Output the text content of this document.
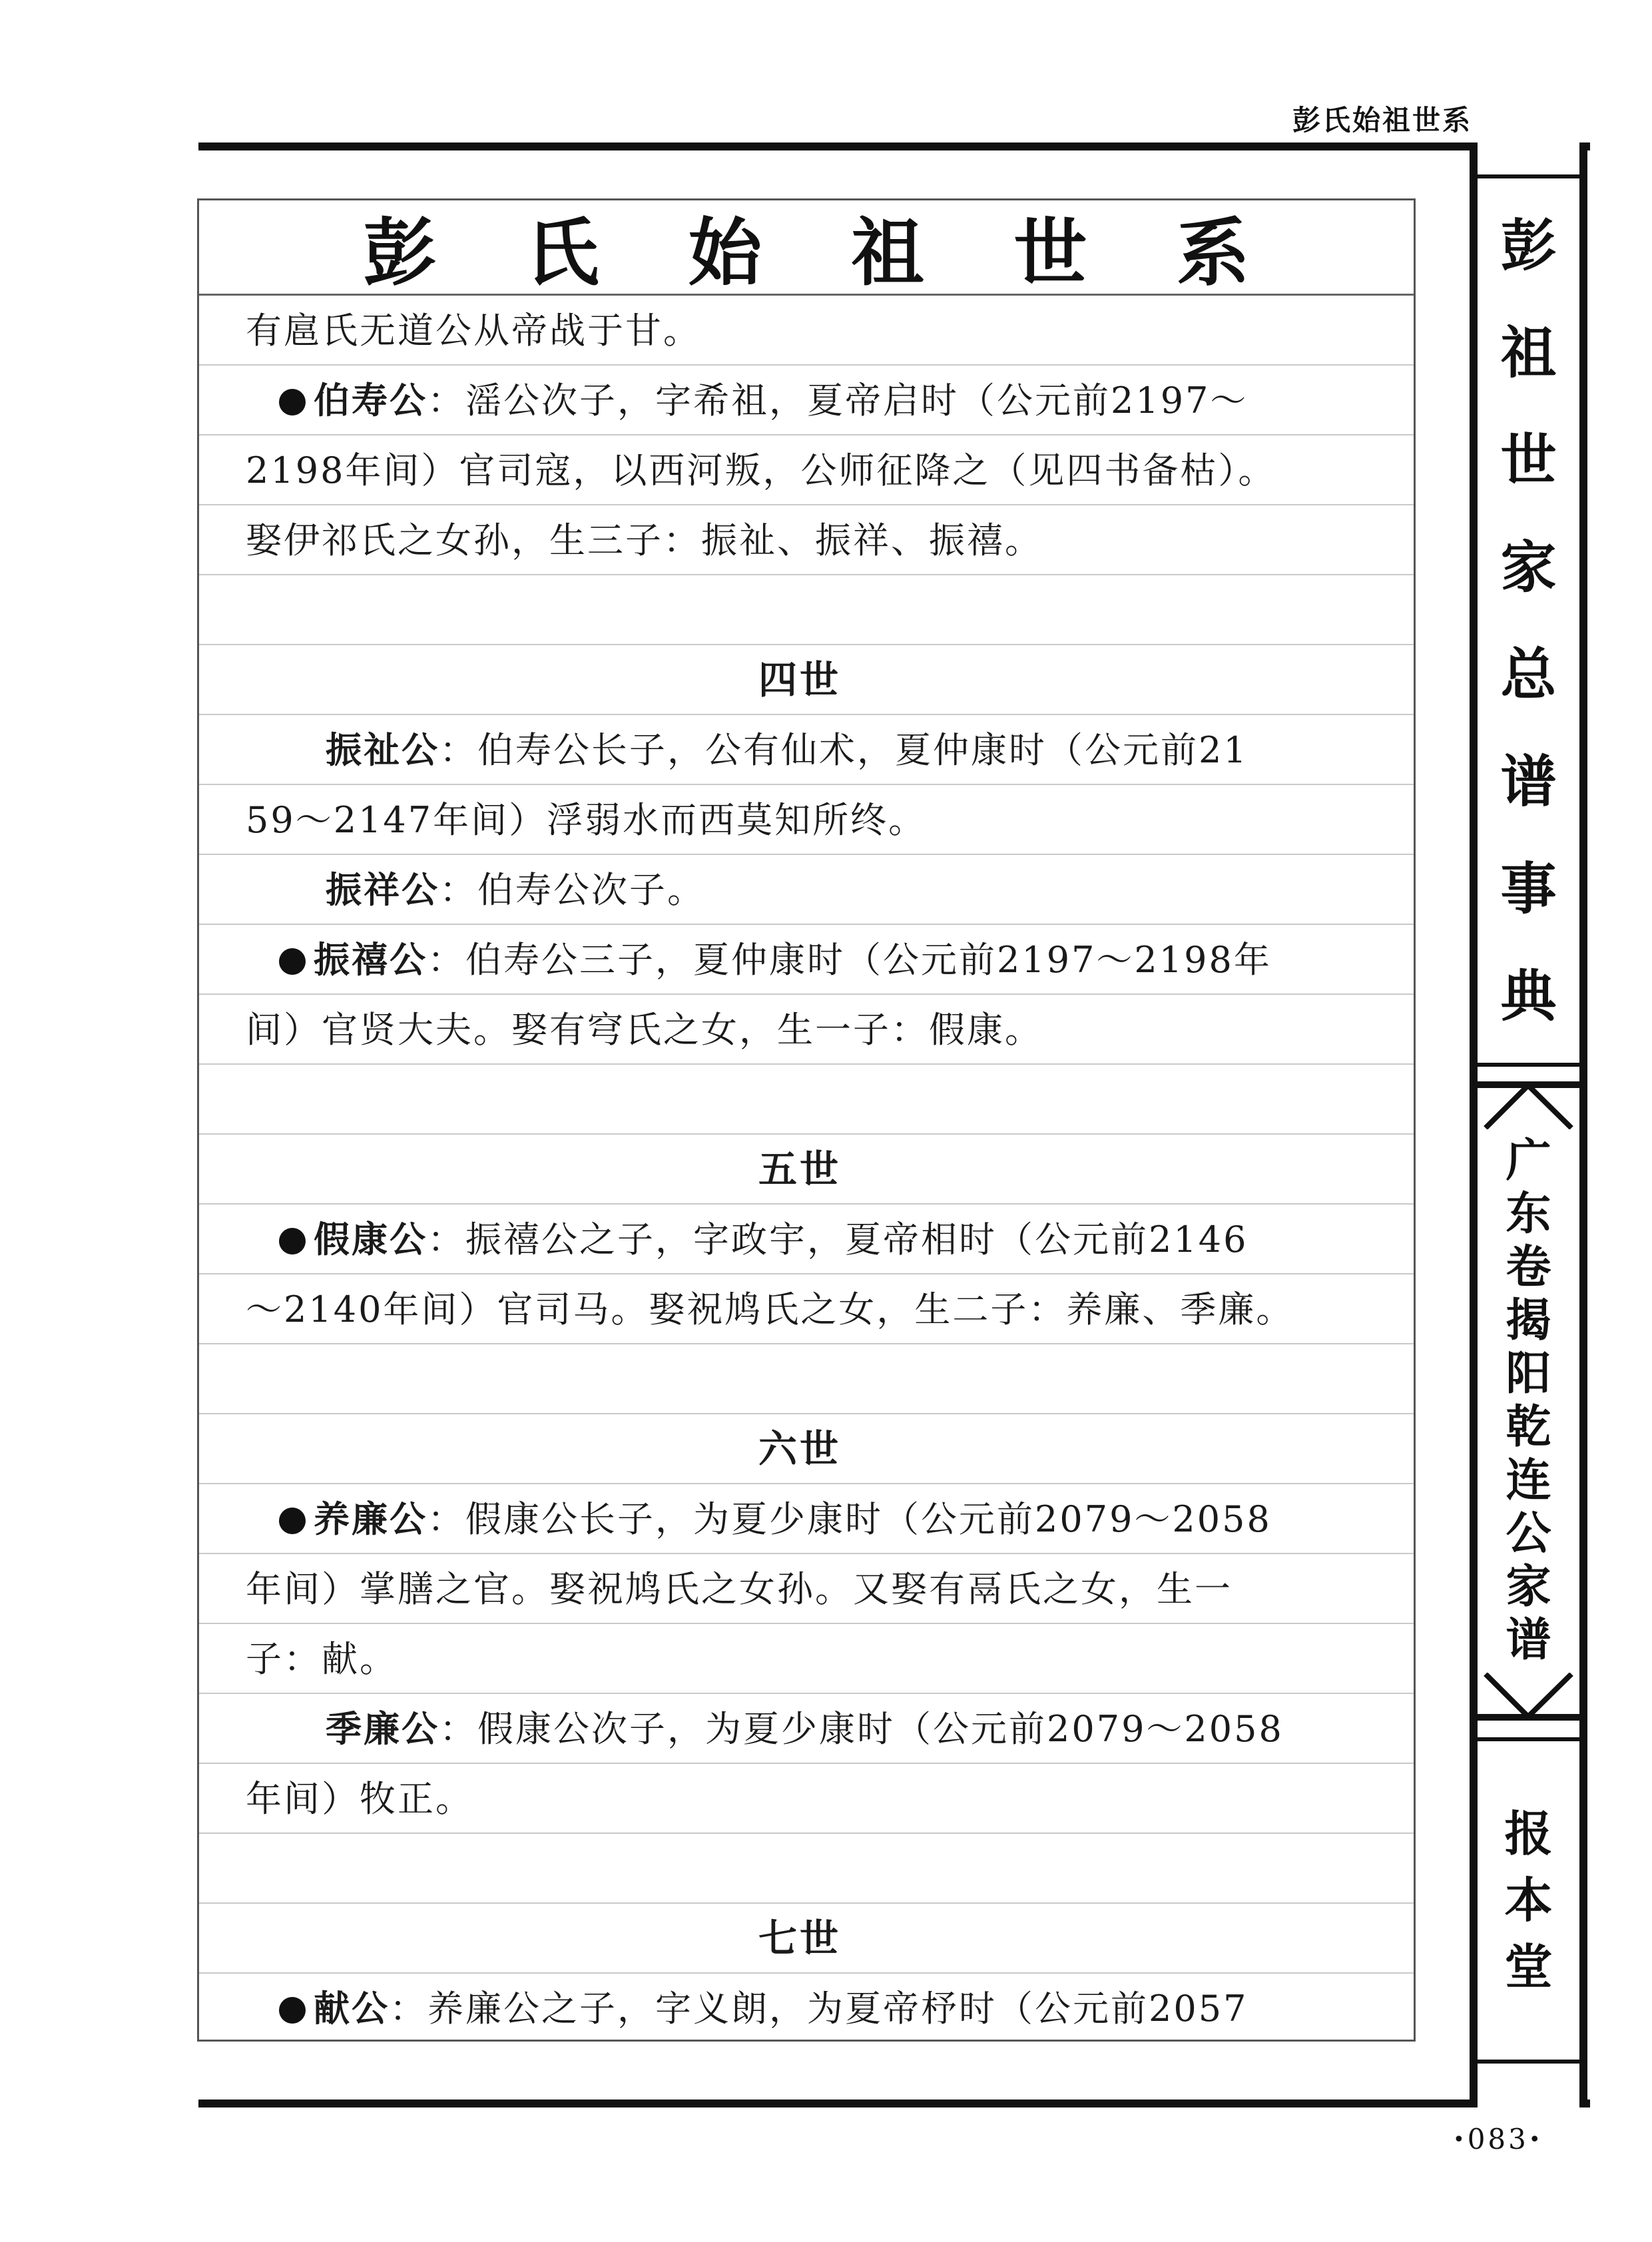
彭氏始祖世系
彭 氏 始 祖 世 系
有扈氏无道公从帝战于甘。
伯寿公：滛公次子，字希祖，夏帝启时（公元前2197～
2198年间）官司寇，以西河叛，公师征降之（见四书备枯）。
娶伊祁氏之女孙，生三子：振祉、振祥、振禧。
四世
振祉公：伯寿公长子，公有仙术，夏仲康时（公元前21
59～2147年间）浮弱水而西莫知所终。
振祥公：伯寿公次子。
振禧公：伯寿公三子，夏仲康时（公元前2197～2198年
间）官贤大夫。娶有穹氏之女，生一子：假康。
五世
假康公：振禧公之子，字政宇，夏帝相时（公元前2146
～2140年间）官司马。娶祝鸠氏之女，生二子：养廉、季廉。
六世
养廉公：假康公长子，为夏少康时（公元前2079～2058
年间）掌膳之官。娶祝鸠氏之女孙。又娶有鬲氏之女，生一
子：献。
季廉公：假康公次子，为夏少康时（公元前2079～2058
年间）牧正。
七世
献公：养廉公之子，字义朗，为夏帝杼时（公元前2057
彭
祖
世
家
总
谱
事
典
广
东
卷
揭
阳
乾
连
公
家
谱
报
本
堂
•083•
